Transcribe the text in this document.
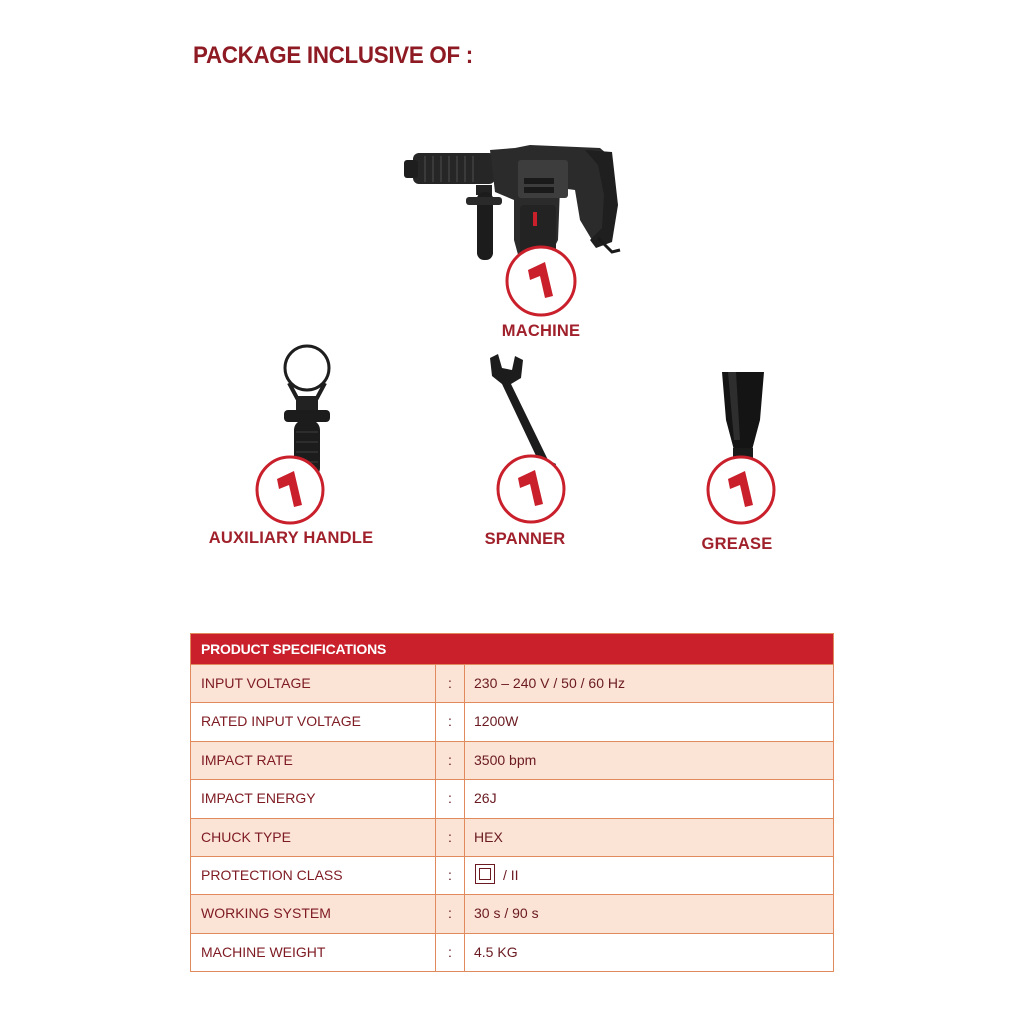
PACKAGE INCLUSIVE OF :
MACHINE
AUXILIARY HANDLE	SPANNER	GREASE
PRODUCT SPECIFICATIONS
INPUT VOLTAGE	:	230 – 240 V / 50 / 60 Hz
RATED INPUT VOLTAGE	:	1200W
IMPACT RATE	:	3500 bpm
IMPACT ENERGY	:	26J
CHUCK TYPE	:	HEX
PROTECTION CLASS	:	/ II
WORKING SYSTEM	:	30 s / 90 s
MACHINE WEIGHT	:	4.5 KG
